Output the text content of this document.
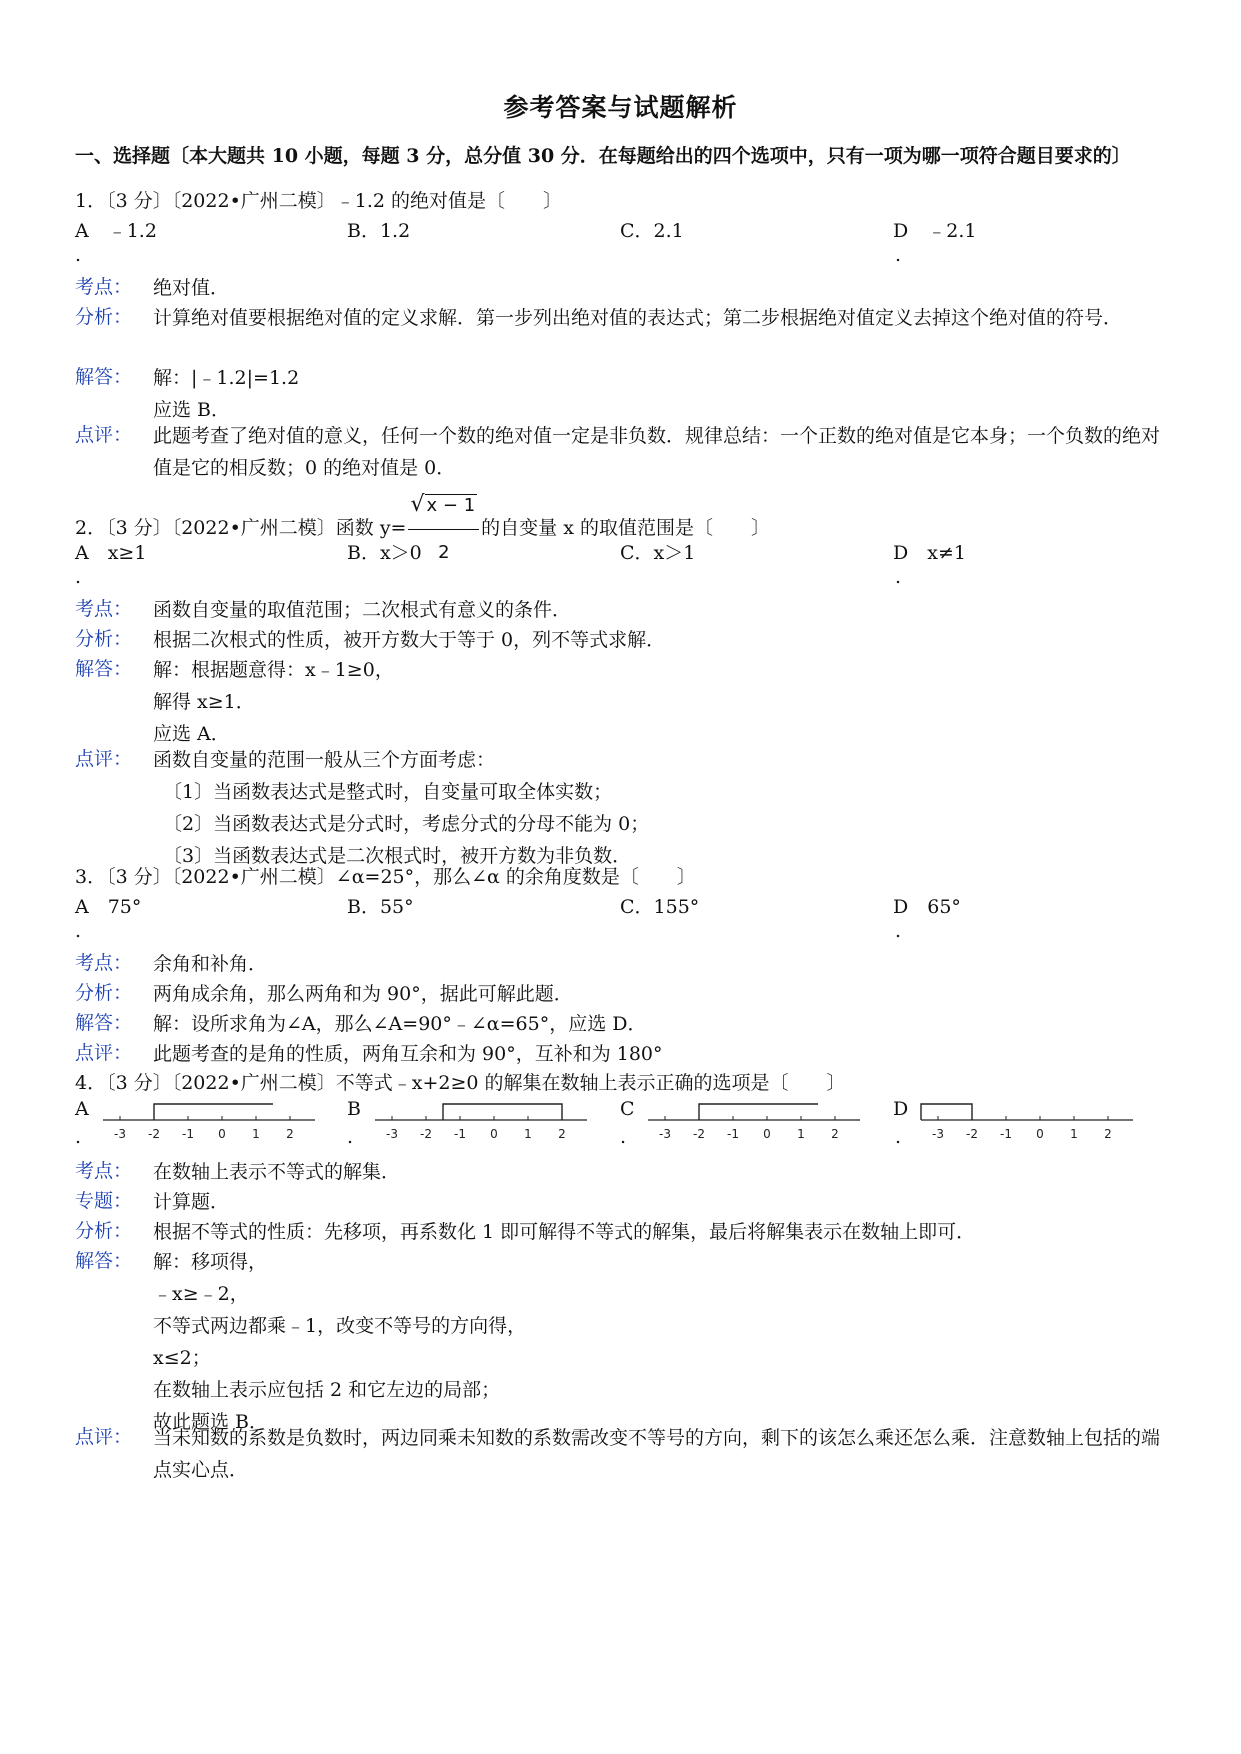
参考答案与试题解析
一、选择题〔本大题共 10 小题，每题 3 分，总分值 30 分．在每题给出的四个选项中，只有一项为哪一项符合题目要求的〕
1．〔3 分〕〔2022•广州二模〕﹣1.2 的绝对值是〔　　〕
A　﹣1.2	B．1.2	C．2.1	D　﹣2.1
.	.
考点： 绝对值．
分析： 计算绝对值要根据绝对值的定义求解．第一步列出绝对值的表达式；第二步根据绝对值定义去掉这个绝对值的符号．
解答： 解：|﹣1.2|=1.2
应选 B．
点评： 此题考查了绝对值的意义，任何一个数的绝对值一定是非负数．规律总结：一个正数的绝对值是它本身；一个负数的绝对值是它的相反数；0 的绝对值是 0．
2．〔3 分〕〔2022•广州二模〕函数 $y= \frac{√ x - 1}{2}$ 的自变量 x 的取值范围是〔　　〕
A　x≥1	B．x＞0	C．x＞1	D　x≠1
.	.
考点： 函数自变量的取值范围；二次根式有意义的条件．
分析： 根据二次根式的性质，被开方数大于等于 0，列不等式求解．
解答： 解：根据题意得：x﹣1≥0，
解得 x≥1．
应选 A．
点评： 函数自变量的范围一般从三个方面考虑：
〔1〕当函数表达式是整式时，自变量可取全体实数；
〔2〕当函数表达式是分式时，考虑分式的分母不能为 0；
〔3〕当函数表达式是二次根式时，被开方数为非负数．
3．〔3 分〕〔2022•广州二模〕∠α=25°，那么∠α 的余角度数是〔　　〕
A　75°	B．55°	C．155°	D　65°
.	.
考点： 余角和补角．
分析： 两角成余角，那么两角和为 90°，据此可解此题．
解答： 解：设所求角为∠A，那么∠A=90°﹣∠α=65°，应选 D．
点评： 此题考查的是角的性质，两角互余和为 90°，互补和为 180°
4．〔3 分〕〔2022•广州二模〕不等式﹣x+2≥0 的解集在数轴上表示正确的选项是〔　　〕
A	B	C	D
.	.	.	.
-3 -2 -1 0 1 2	-3 -2 -1 0 1 2	-3 -2 -1 0 1 2	-3 -2 -1 0 1 2
考点： 在数轴上表示不等式的解集．
专题： 计算题．
分析： 根据不等式的性质：先移项，再系数化 1 即可解得不等式的解集，最后将解集表示在数轴上即可．
解答： 解：移项得，
﹣x≥﹣2，
不等式两边都乘﹣1，改变不等号的方向得，
x≤2；
在数轴上表示应包括 2 和它左边的局部；
故此题选 B．
点评： 当未知数的系数是负数时，两边同乘未知数的系数需改变不等号的方向，剩下的该怎么乘还怎么乘．注意数轴上包括的端点实心点．
